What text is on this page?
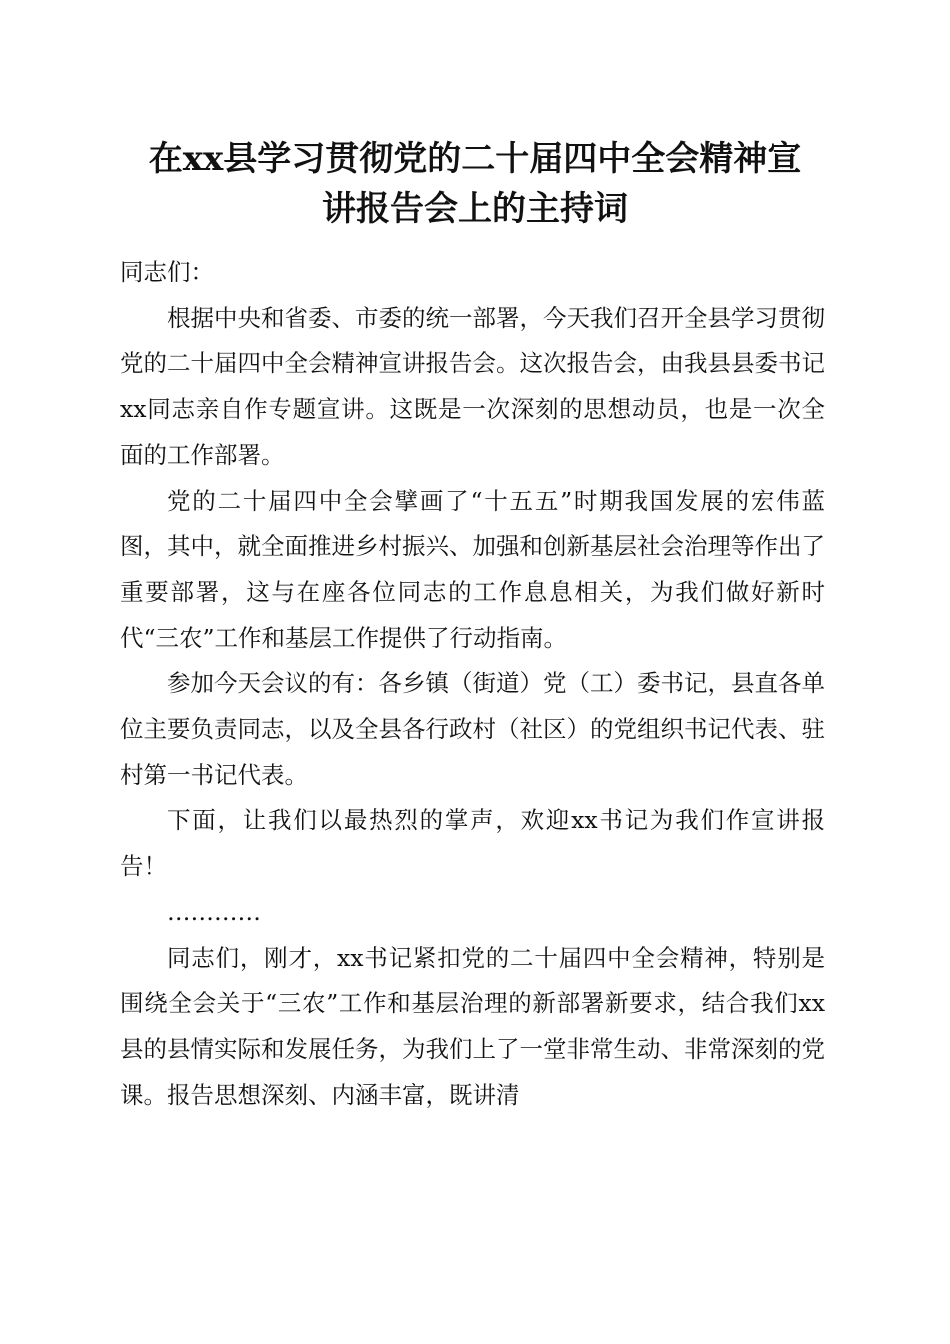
在xx县学习贯彻党的二十届四中全会精神宣
讲报告会上的主持词

同志们：

根据中央和省委、市委的统一部署，今天我们召开全县学习贯彻党的二十届四中全会精神宣讲报告会。这次报告会，由我县县委书记xx同志亲自作专题宣讲。这既是一次深刻的思想动员，也是一次全面的工作部署。

党的二十届四中全会擘画了“十五五”时期我国发展的宏伟蓝图，其中，就全面推进乡村振兴、加强和创新基层社会治理等作出了重要部署，这与在座各位同志的工作息息相关，为我们做好新时代“三农”工作和基层工作提供了行动指南。

参加今天会议的有：各乡镇（街道）党（工）委书记，县直各单位主要负责同志，以及全县各行政村（社区）的党组织书记代表、驻村第一书记代表。

下面，让我们以最热烈的掌声，欢迎xx书记为我们作宣讲报告！

…………

同志们，刚才，xx书记紧扣党的二十届四中全会精神，特别是围绕全会关于“三农”工作和基层治理的新部署新要求，结合我们xx县的县情实际和发展任务，为我们上了一堂非常生动、非常深刻的党课。报告思想深刻、内涵丰富，既讲清
